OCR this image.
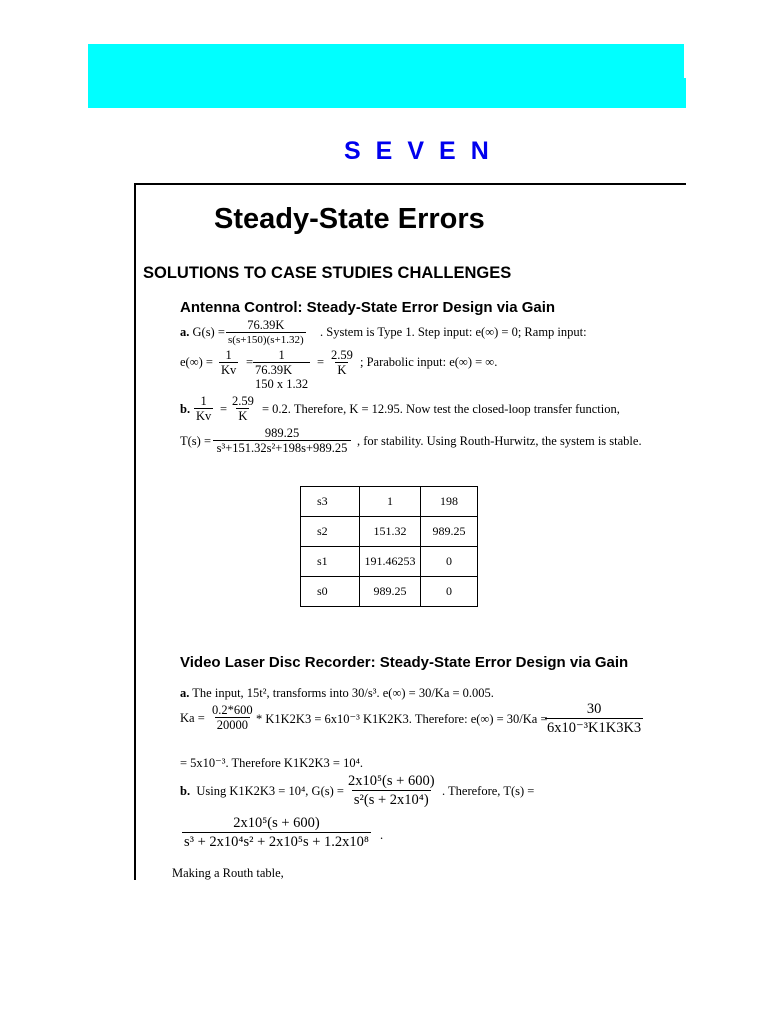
SEVEN
Steady-State Errors
SOLUTIONS TO CASE STUDIES CHALLENGES
Antenna Control: Steady-State Error Design via Gain
a. $G(s) = \frac{76.39K}{s(s+150)(s+1.32)}$ . System is Type 1. Step input: e(∞) = 0; Ramp input:
$e(\infty) = \frac{1}{Kv} = 1$
76.39K
150 x 1.32
= $\frac{2.59}{K}$ ; Parabolic input: e(∞) = ∞.
b. $\frac{1}{Kv} = \frac{2.59}{K} = 0.2$. Therefore, K = 12.95. Now test the closed-loop transfer function,
$T(s) = \frac{989.25}{\text{s³+151.32s²+198s+989.25}}$ , for stability. Using Routh-Hurwitz, the system is stable.
s3	1	198
s2	151.32	989.25
s1	191.46253	0
s0	989.25	0
Video Laser Disc Recorder: Steady-State Error Design via Gain
a. The input, 15t², transforms into 30/s³. e(∞) = 30/Ka = 0.005.
$Ka = \frac{0.2*600}{20000} * K1K2K3 = 6x10^{-3}$ K1K2K3. Therefore: e(∞) = 30/Ka =
$\frac{30}{\text{6x10⁻³K1K3K3}}$
= 5x10⁻³. Therefore K1K2K3 = 10⁴.
b. Using K1K2K3 = 10⁴, $G(s) = \frac{\text{2x10⁵(s + 600)}}{\text{s²(s + 2x10⁴)}}$ . Therefore, T(s) =
$\frac{\text{2x10⁵(s + 600)}}{\text{s³ + 2x10⁴s² + 2x10⁵s + 1.2x10⁸}}$ .
Making a Routh table,
